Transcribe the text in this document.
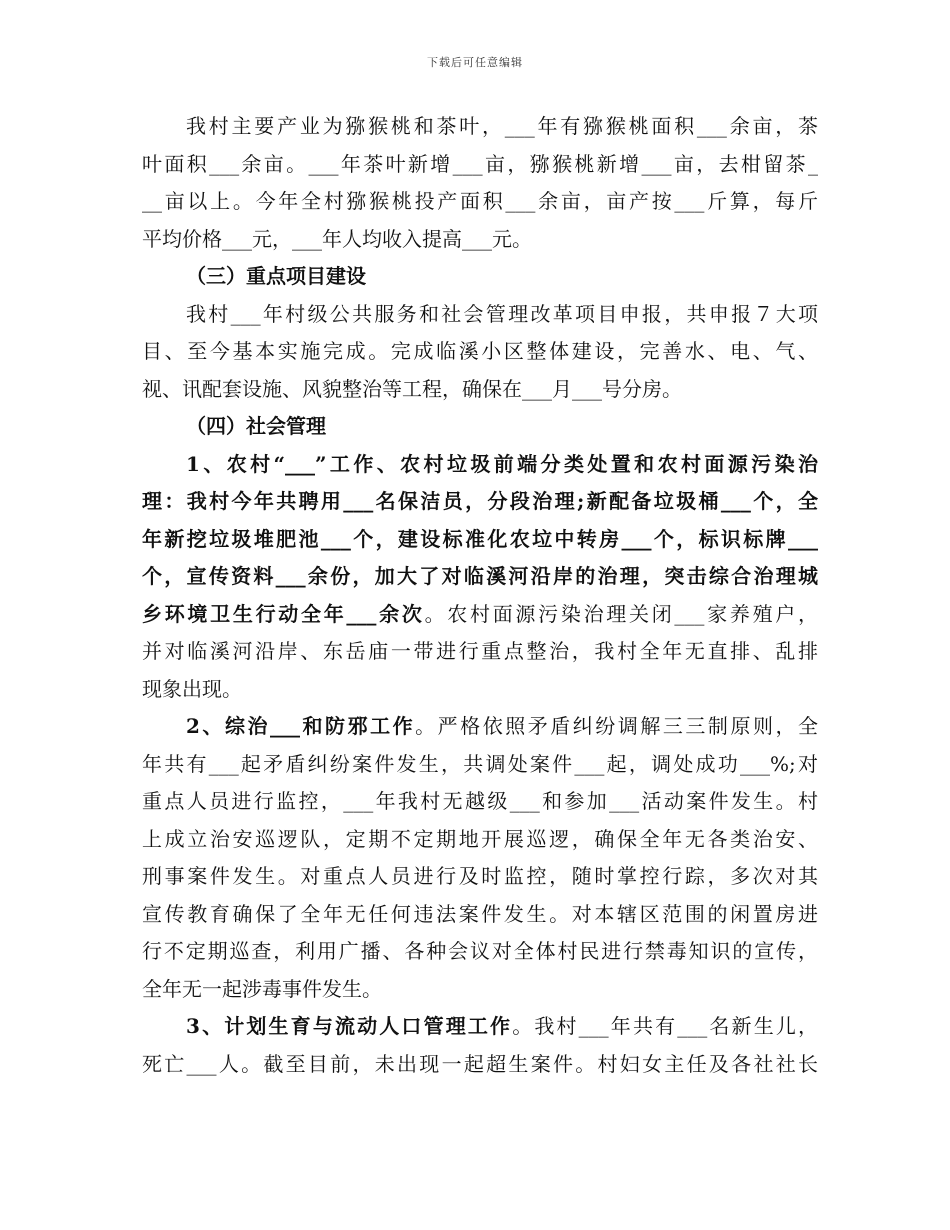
下载后可任意编辑
我村主要产业为猕猴桃和茶叶，___年有猕猴桃面积___余亩，茶
叶面积___余亩。___年茶叶新增___亩，猕猴桃新增___亩，去柑留茶_
__亩以上。今年全村猕猴桃投产面积___余亩，亩产按___斤算，每斤
平均价格___元，___年人均收入提高___元。
（三）重点项目建设
我村___年村级公共服务和社会管理改革项目申报，共申报７大项
目、至今基本实施完成。完成临溪小区整体建设，完善水、电、气、
视、讯配套设施、风貌整治等工程，确保在___月___号分房。
（四）社会管理
1、农村“___”工作、农村垃圾前端分类处置和农村面源污染治
理：我村今年共聘用___名保洁员，分段治理;新配备垃圾桶___个，全
年新挖垃圾堆肥池___个，建设标准化农垃中转房___个，标识标牌___
个，宣传资料___余份，加大了对临溪河沿岸的治理，突击综合治理城
乡环境卫生行动全年___余次。农村面源污染治理关闭___家养殖户，
并对临溪河沿岸、东岳庙一带进行重点整治，我村全年无直排、乱排
现象出现。
2、综治___和防邪工作。严格依照矛盾纠纷调解三三制原则，全
年共有___起矛盾纠纷案件发生，共调处案件___起，调处成功___%;对
重点人员进行监控，___年我村无越级___和参加___活动案件发生。村
上成立治安巡逻队，定期不定期地开展巡逻，确保全年无各类治安、
刑事案件发生。对重点人员进行及时监控，随时掌控行踪，多次对其
宣传教育确保了全年无任何违法案件发生。对本辖区范围的闲置房进
行不定期巡查，利用广播、各种会议对全体村民进行禁毒知识的宣传，
全年无一起涉毒事件发生。
3、计划生育与流动人口管理工作。我村___年共有___名新生儿，
死亡___人。截至目前，未出现一起超生案件。村妇女主任及各社社长
